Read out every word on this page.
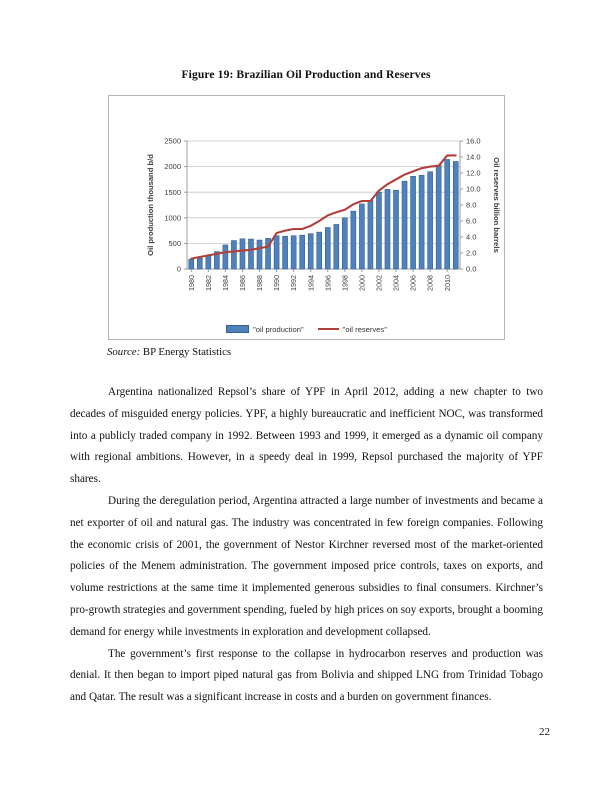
Figure 19: Brazilian Oil Production and Reserves
0
500
1000
1500
2000
2500
0.0
2.0
4.0
6.0
8.0
10.0
12.0
14.0
16.0
1980 1982 1984 1986 1988 1990 1992 1994 1996 1998 2000 2002 2004 2006 2008 2010
Oil production thousand b/d	Oil reserves billion barrels
"oil production"	"oil reserves"
Source: BP Energy Statistics

Argentina nationalized Repsol’s share of YPF in April 2012, adding a new chapter to two decades of misguided energy policies. YPF, a highly bureaucratic and inefficient NOC, was transformed into a publicly traded company in 1992. Between 1993 and 1999, it emerged as a dynamic oil company with regional ambitions. However, in a speedy deal in 1999, Repsol purchased the majority of YPF shares.

During the deregulation period, Argentina attracted a large number of investments and became a net exporter of oil and natural gas. The industry was concentrated in few foreign companies. Following the economic crisis of 2001, the government of Nestor Kirchner reversed most of the market-oriented policies of the Menem administration. The government imposed price controls, taxes on exports, and volume restrictions at the same time it implemented generous subsidies to final consumers. Kirchner’s pro-growth strategies and government spending, fueled by high prices on soy exports, brought a booming demand for energy while investments in exploration and development collapsed.

The government’s first response to the collapse in hydrocarbon reserves and production was denial. It then began to import piped natural gas from Bolivia and shipped LNG from Trinidad Tobago and Qatar. The result was a significant increase in costs and a burden on government finances.

22
